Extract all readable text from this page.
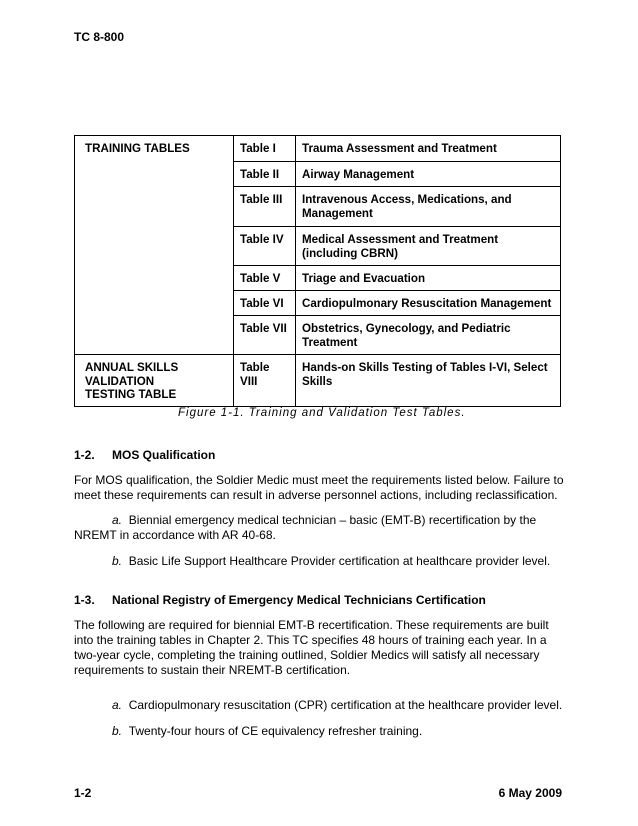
TC 8-800
TRAINING TABLES	Table I	Trauma Assessment and Treatment
	Table II	Airway Management
	Table III	Intravenous Access, Medications, and Management
	Table IV	Medical Assessment and Treatment (including CBRN)
	Table V	Triage and Evacuation
	Table VI	Cardiopulmonary Resuscitation Management
	Table VII	Obstetrics, Gynecology, and Pediatric Treatment
ANNUAL SKILLS VALIDATION TESTING TABLE	Table VIII	Hands-on Skills Testing of Tables I-VI, Select Skills
Figure 1-1. Training and Validation Test Tables.
1-2. MOS Qualification
For MOS qualification, the Soldier Medic must meet the requirements listed below. Failure to meet these requirements can result in adverse personnel actions, including reclassification.
a. Biennial emergency medical technician – basic (EMT-B) recertification by the NREMT in accordance with AR 40-68.
b. Basic Life Support Healthcare Provider certification at healthcare provider level.
1-3. National Registry of Emergency Medical Technicians Certification
The following are required for biennial EMT-B recertification. These requirements are built into the training tables in Chapter 2. This TC specifies 48 hours of training each year. In a two-year cycle, completing the training outlined, Soldier Medics will satisfy all necessary requirements to sustain their NREMT-B certification.
a. Cardiopulmonary resuscitation (CPR) certification at the healthcare provider level.
b. Twenty-four hours of CE equivalency refresher training.
1-2	6 May 2009
